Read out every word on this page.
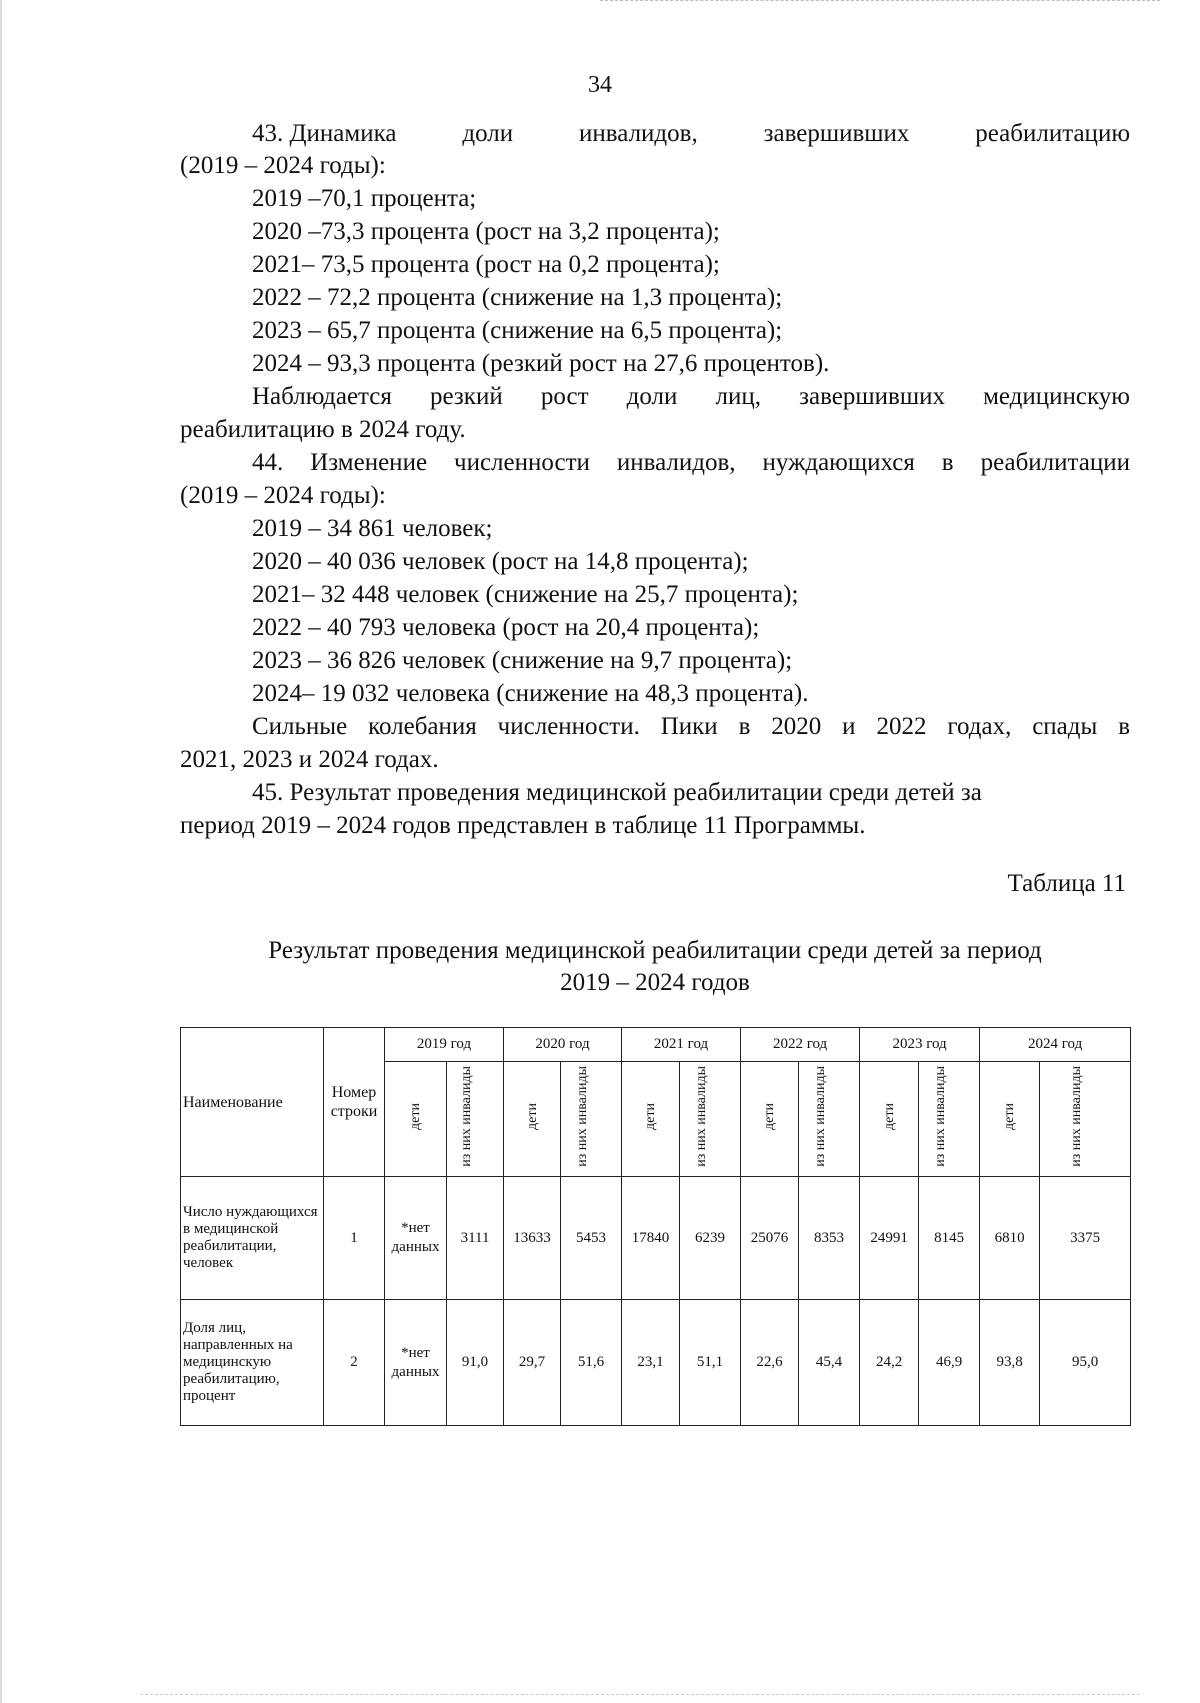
34
43. Динамика	доли	инвалидов,	завершивших	реабилитацию
(2019 – 2024 годы):
2019 –70,1 процента;
2020 –73,3 процента (рост на 3,2 процента);
2021– 73,5 процента (рост на 0,2 процента);
2022 – 72,2 процента (снижение на 1,3 процента);
2023 – 65,7 процента (снижение на 6,5 процента);
2024 – 93,3 процента (резкий рост на 27,6 процентов).
Наблюдается резкий рост доли лиц, завершивших медицинскую
реабилитацию в 2024 году.
44. Изменение численности инвалидов, нуждающихся в реабилитации
(2019 – 2024 годы):
2019 – 34 861 человек;
2020 – 40 036 человек (рост на 14,8 процента);
2021– 32 448 человек (снижение на 25,7 процента);
2022 – 40 793 человека (рост на 20,4 процента);
2023 – 36 826 человек (снижение на 9,7 процента);
2024– 19 032 человека (снижение на 48,3 процента).
Сильные колебания численности. Пики в 2020 и 2022 годах, спады в
2021, 2023 и 2024 годах.
45. Результат проведения медицинской реабилитации среди детей за
период 2019 – 2024 годов представлен в таблице 11 Программы.
Таблица 11
Результат проведения медицинской реабилитации среди детей за период
2019 – 2024 годов
Наименование	Номер строки	2019 год		2020 год		2021 год		2022 год		2023 год		2024 год	
		дети	из них инвалиды	дети	из них инвалиды	дети	из них инвалиды	дети	из них инвалиды	дети	из них инвалиды	дети	из них инвалиды
Число нуждающихся в медицинской реабилитации, человек	1	*нет данных	3111	13633	5453	17840	6239	25076	8353	24991	8145	6810	3375
Доля лиц, направленных на медицинскую реабилитацию, процент	2	*нет данных	91,0	29,7	51,6	23,1	51,1	22,6	45,4	24,2	46,9	93,8	95,0
